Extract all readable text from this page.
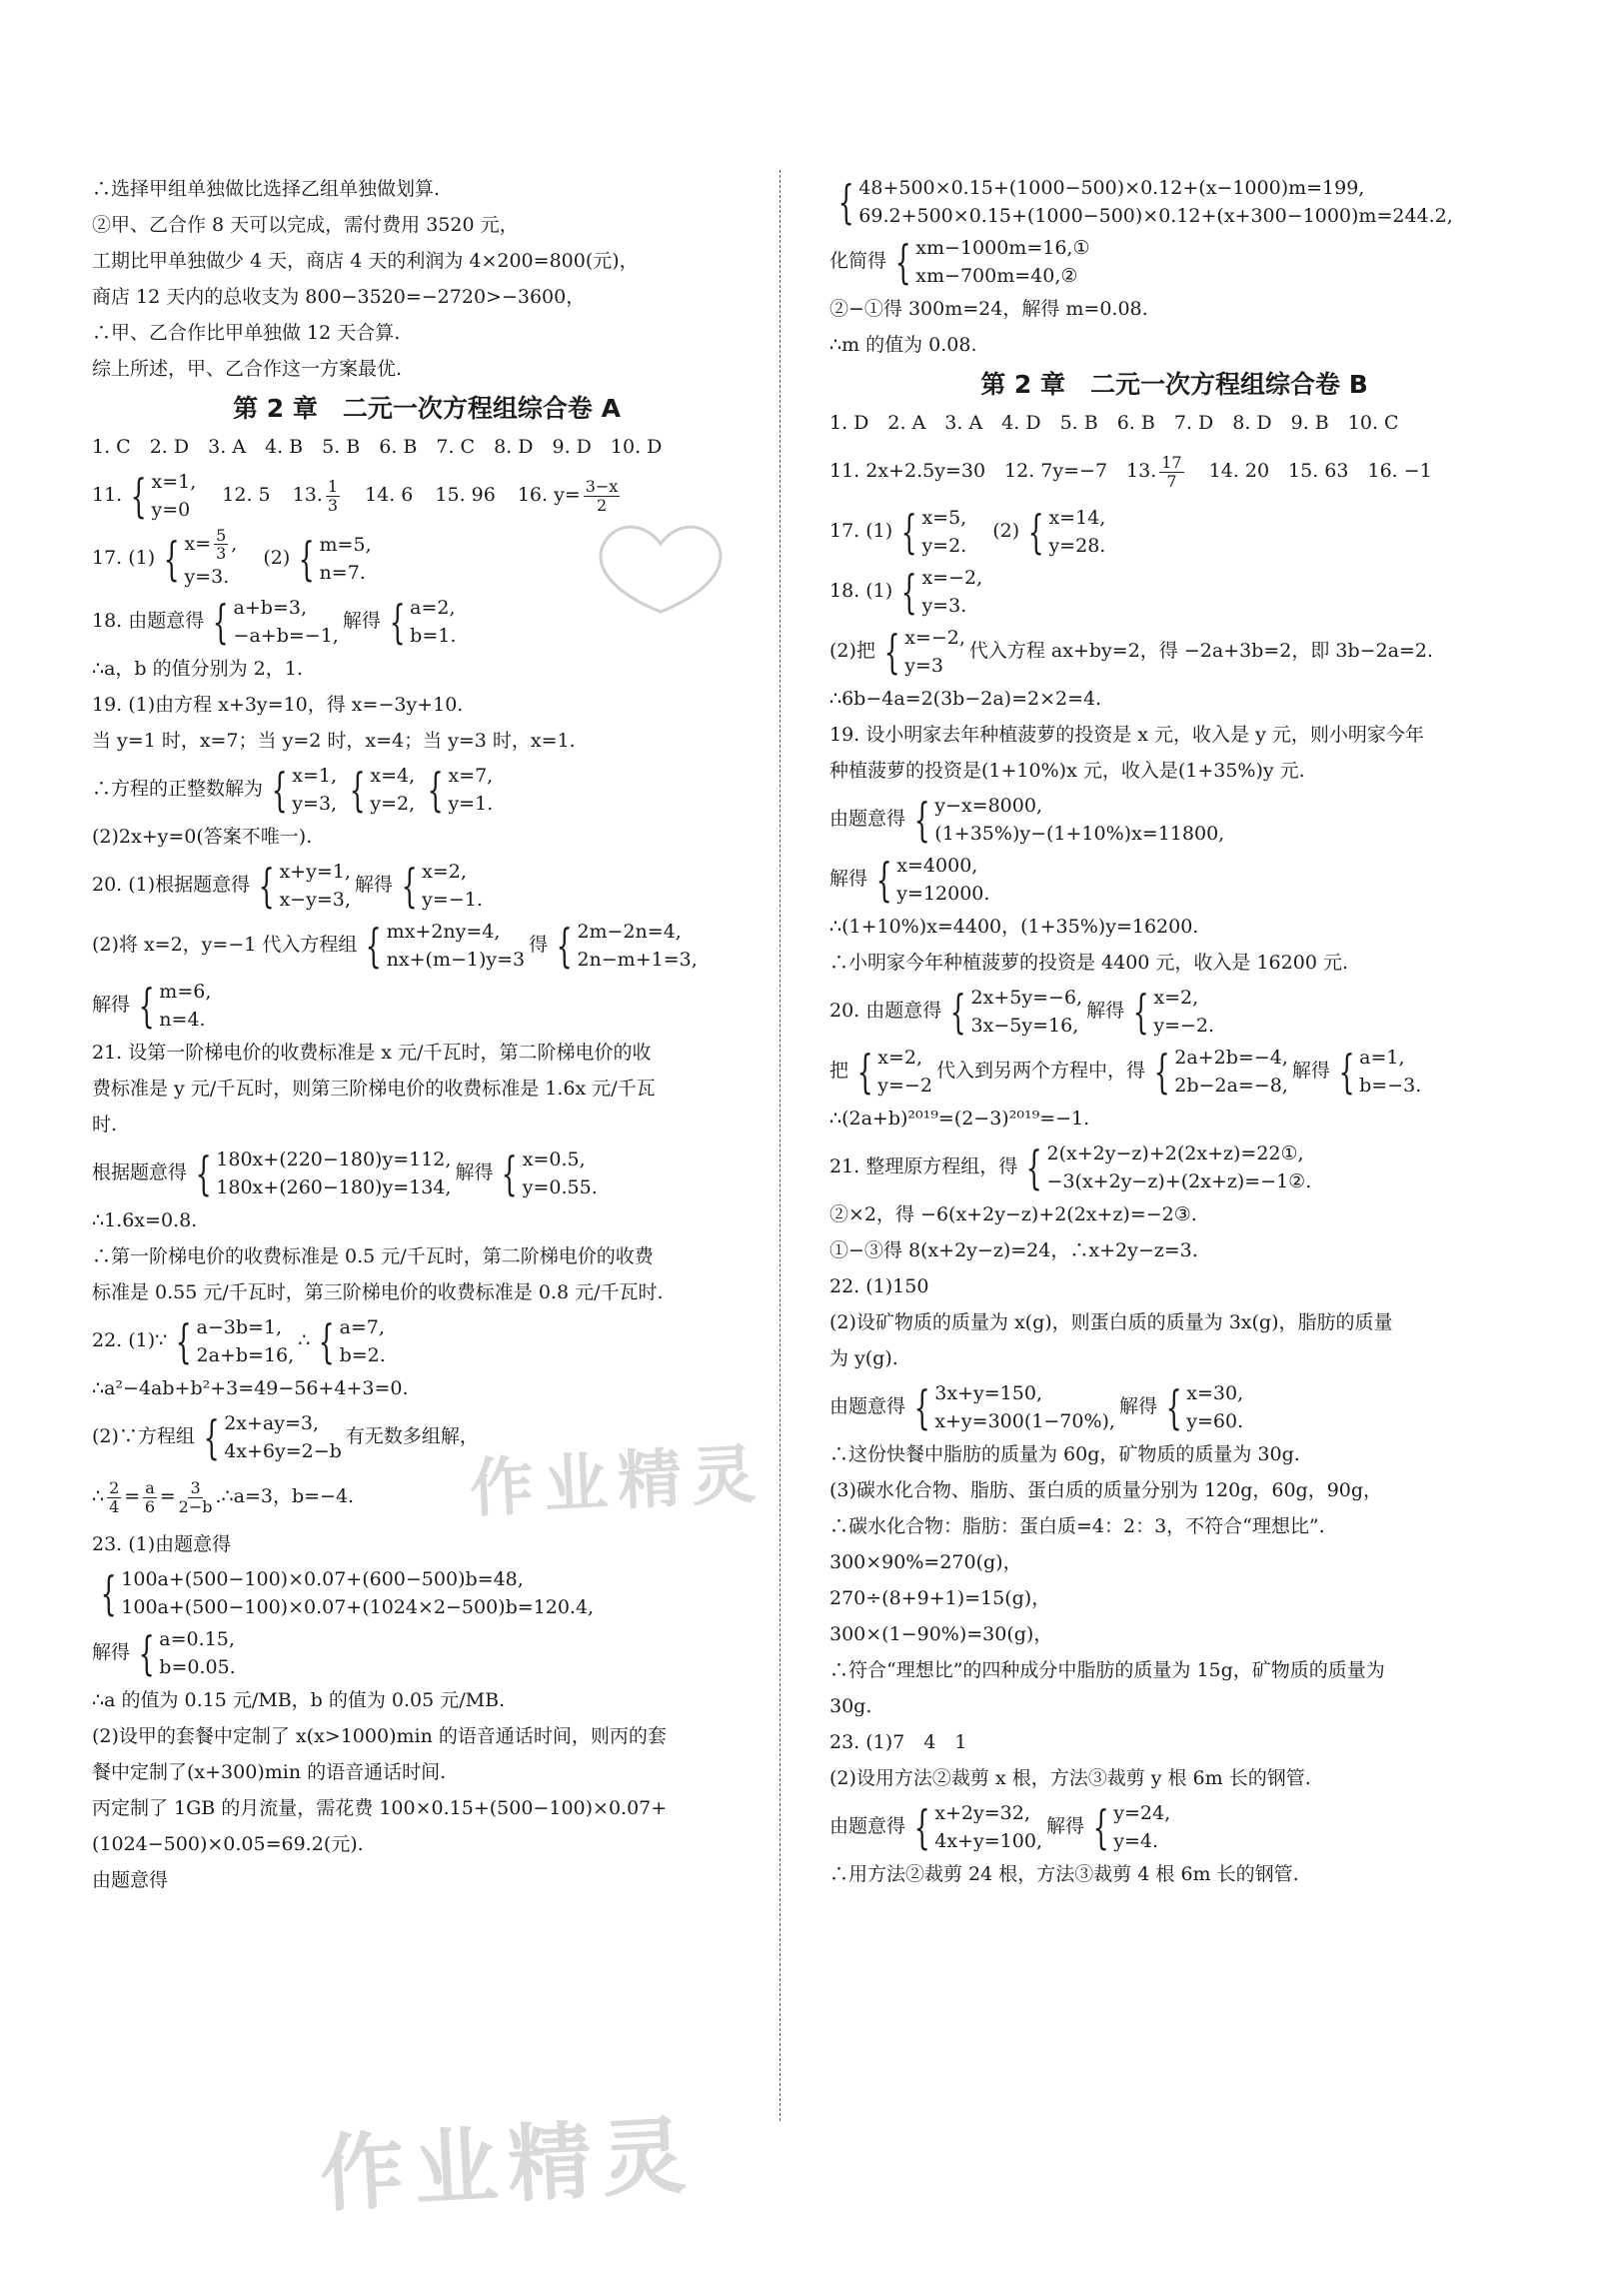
∴选择甲组单独做比选择乙组单独做划算.
②甲、乙合作 8 天可以完成，需付费用 3520 元，
工期比甲单独做少 4 天，商店 4 天的利润为 4×200=800(元)，
商店 12 天内的总收支为 800−3520=−2720>−3600，
∴甲、乙合作比甲单独做 12 天合算.
综上所述，甲、乙合作这一方案最优.
第 2 章　二元一次方程组综合卷 A
1. C　2. D　3. A　4. B　5. B　6. B　7. C　8. D　9. D　10. D
11. { x=1,
y=0
12. 5 13. $\frac{1}{3} 14$. 6 15. 96 16. $y= \frac{3-x}{2}$
17. (1) { $x= \frac{5}{3}$ ,
y=3.
(2) { m=5,
n=7.
18. 由题意得 { a+b=3,
−a+b=−1,
解得 { a=2,
b=1.
∴a，b 的值分别为 2，1.
19. (1)由方程 x+3y=10，得 x=−3y+10.
当 y=1 时，x=7；当 y=2 时，x=4；当 y=3 时，x=1.
∴方程的正整数解为 { x=1,
y=3, { x=4,
y=2, { x=7,
y=1.
(2)2x+y=0(答案不唯一).
20. (1)根据题意得 { x+y=1,
x−y=3,
解得 { x=2,
y=−1.
(2)将 x=2，y=−1 代入方程组 { mx+2ny=4,
nx+(m−1)y=3
得 { 2m−2n=4,
2n−m+1=3,
解得 { m=6,
n=4.
21. 设第一阶梯电价的收费标准是 x 元/千瓦时，第二阶梯电价的收
费标准是 y 元/千瓦时，则第三阶梯电价的收费标准是 1.6x 元/千瓦
时.
根据题意得 { 180x+(220−180)y=112,
180x+(260−180)y=134,
解得 { x=0.5,
y=0.55.
∴1.6x=0.8.
∴第一阶梯电价的收费标准是 0.5 元/千瓦时，第二阶梯电价的收费
标准是 0.55 元/千瓦时，第三阶梯电价的收费标准是 0.8 元/千瓦时.
22. (1)∵ { a−3b=1,
2a+b=16,
∴ { a=7,
b=2.
∴a²−4ab+b²+3=49−56+4+3=0.
(2)∵方程组 { 2x+ay=3,
4x+6y=2−b
有无数多组解，
∴ $\frac{2}{4} = \frac{a}{6} = \frac{3}{2-b}$ .∴a=3，b=−4.
23. (1)由题意得
{ 100a+(500−100)×0.07+(600−500)b=48,
100a+(500−100)×0.07+(1024×2−500)b=120.4,
解得 { a=0.15,
b=0.05.
∴a 的值为 0.15 元/MB，b 的值为 0.05 元/MB.
(2)设甲的套餐中定制了 x(x>1000)min 的语音通话时间，则丙的套
餐中定制了(x+300)min 的语音通话时间.
丙定制了 1GB 的月流量，需花费 100×0.15+(500−100)×0.07+
(1024−500)×0.05=69.2(元).
由题意得
{ 48+500×0.15+(1000−500)×0.12+(x−1000)m=199,
69.2+500×0.15+(1000−500)×0.12+(x+300−1000)m=244.2,
化简得 { xm−1000m=16,①
xm−700m=40,②
②−①得 300m=24，解得 m=0.08.
∴m 的值为 0.08.
第 2 章　二元一次方程组综合卷 B
1. D　2. A　3. A　4. D　5. B　6. B　7. D　8. D　9. B　10. C
11. 2x+2.5y=30　12. 7y=−7　13. $\frac{17}{7} 14$. 20　15. 63　16. −1
17. (1) { x=5,
y=2.
(2) { x=14,
y=28.
18. (1) { x=−2,
y=3.
(2)把 { x=−2,
y=3
代入方程 ax+by=2，得 −2a+3b=2，即 3b−2a=2.
∴6b−4a=2(3b−2a)=2×2=4.
19. 设小明家去年种植菠萝的投资是 x 元，收入是 y 元，则小明家今年
种植菠萝的投资是(1+10%)x 元，收入是(1+35%)y 元.
由题意得 { y−x=8000,
(1+35%)y−(1+10%)x=11800,
解得 { x=4000,
y=12000.
∴(1+10%)x=4400，(1+35%)y=16200.
∴小明家今年种植菠萝的投资是 4400 元，收入是 16200 元.
20. 由题意得 { 2x+5y=−6,
3x−5y=16,
解得 { x=2,
y=−2.
把 { x=2,
y=−2
代入到另两个方程中，得 { 2a+2b=−4,
2b−2a=−8,
解得 { a=1,
b=−3.
∴(2a+b)²⁰¹⁹=(2−3)²⁰¹⁹=−1.
21. 整理原方程组，得 { 2(x+2y−z)+2(2x+z)=22①,
−3(x+2y−z)+(2x+z)=−1②.
②×2，得 −6(x+2y−z)+2(2x+z)=−2③.
①−③得 8(x+2y−z)=24，∴x+2y−z=3.
22. (1)150
(2)设矿物质的质量为 x(g)，则蛋白质的质量为 3x(g)，脂肪的质量
为 y(g).
由题意得 { 3x+y=150,
x+y=300(1−70%),
解得 { x=30,
y=60.
∴这份快餐中脂肪的质量为 60g，矿物质的质量为 30g.
(3)碳水化合物、脂肪、蛋白质的质量分别为 120g，60g，90g，
∴碳水化合物：脂肪：蛋白质=4：2：3，不符合“理想比”.
300×90%=270(g)，
270÷(8+9+1)=15(g)，
300×(1−90%)=30(g)，
∴符合“理想比”的四种成分中脂肪的质量为 15g，矿物质的质量为
30g.
23. (1)7　4　1
(2)设用方法②裁剪 x 根，方法③裁剪 y 根 6m 长的钢管.
由题意得 { x+2y=32,
4x+y=100,
解得 { y=24,
y=4.
∴用方法②裁剪 24 根，方法③裁剪 4 根 6m 长的钢管.
作业精灵
作业精灵
